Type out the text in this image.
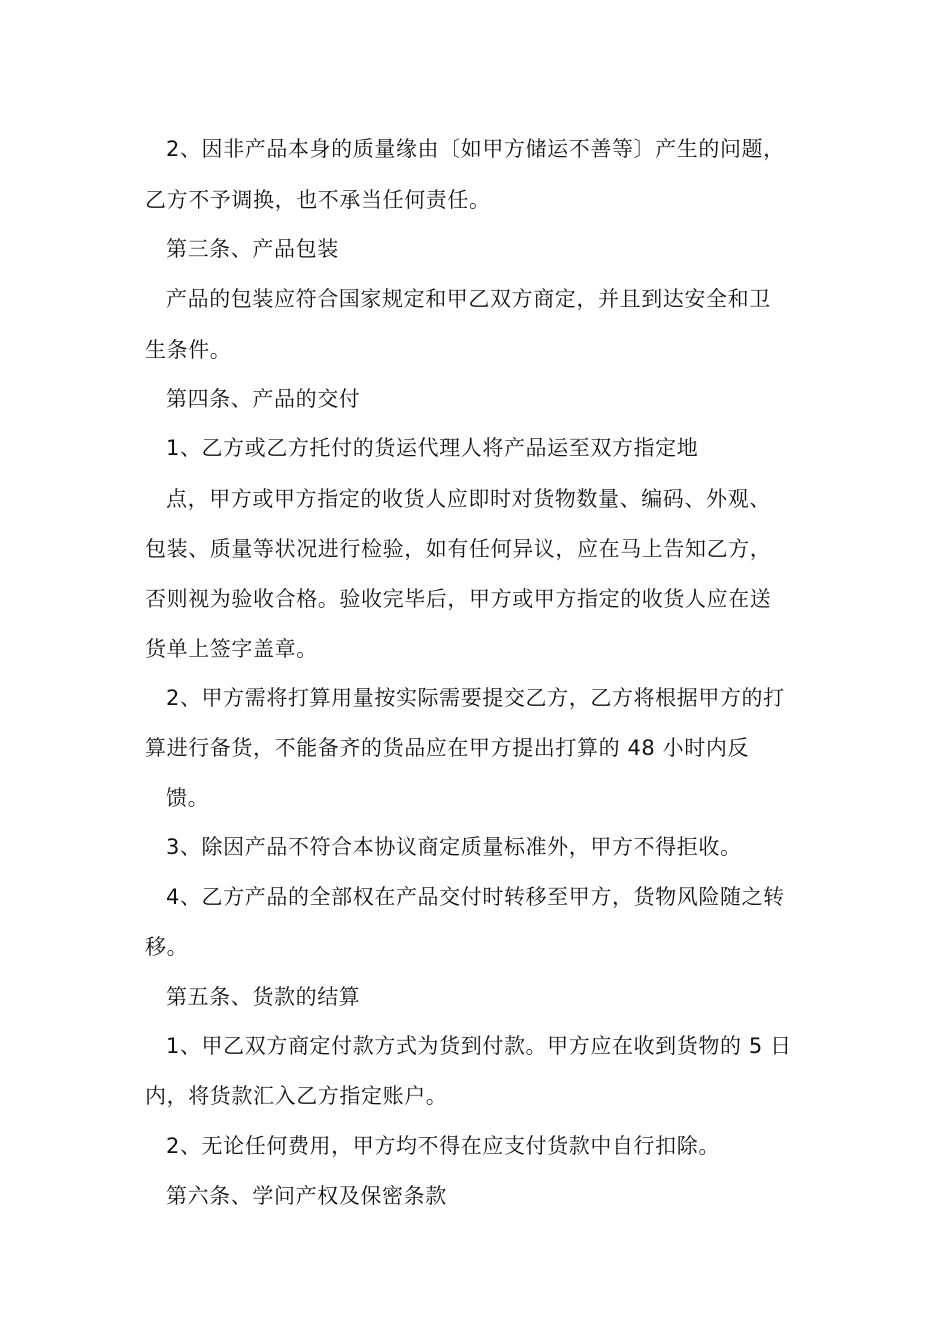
2、因非产品本身的质量缘由〔如甲方储运不善等〕产生的问题，
乙方不予调换，也不承当任何责任。
第三条、产品包装
产品的包装应符合国家规定和甲乙双方商定，并且到达安全和卫
生条件。
第四条、产品的交付
1、乙方或乙方托付的货运代理人将产品运至双方指定地
点，甲方或甲方指定的收货人应即时对货物数量、编码、外观、
包装、质量等状况进行检验，如有任何异议，应在马上告知乙方，
否则视为验收合格。验收完毕后，甲方或甲方指定的收货人应在送
货单上签字盖章。
2、甲方需将打算用量按实际需要提交乙方，乙方将根据甲方的打
算进行备货，不能备齐的货品应在甲方提出打算的 48 小时内反
馈。
3、除因产品不符合本协议商定质量标准外，甲方不得拒收。
4、乙方产品的全部权在产品交付时转移至甲方，货物风险随之转
移。
第五条、货款的结算
1、甲乙双方商定付款方式为货到付款。甲方应在收到货物的 5 日
内，将货款汇入乙方指定账户。
2、无论任何费用，甲方均不得在应支付货款中自行扣除。
第六条、学问产权及保密条款
